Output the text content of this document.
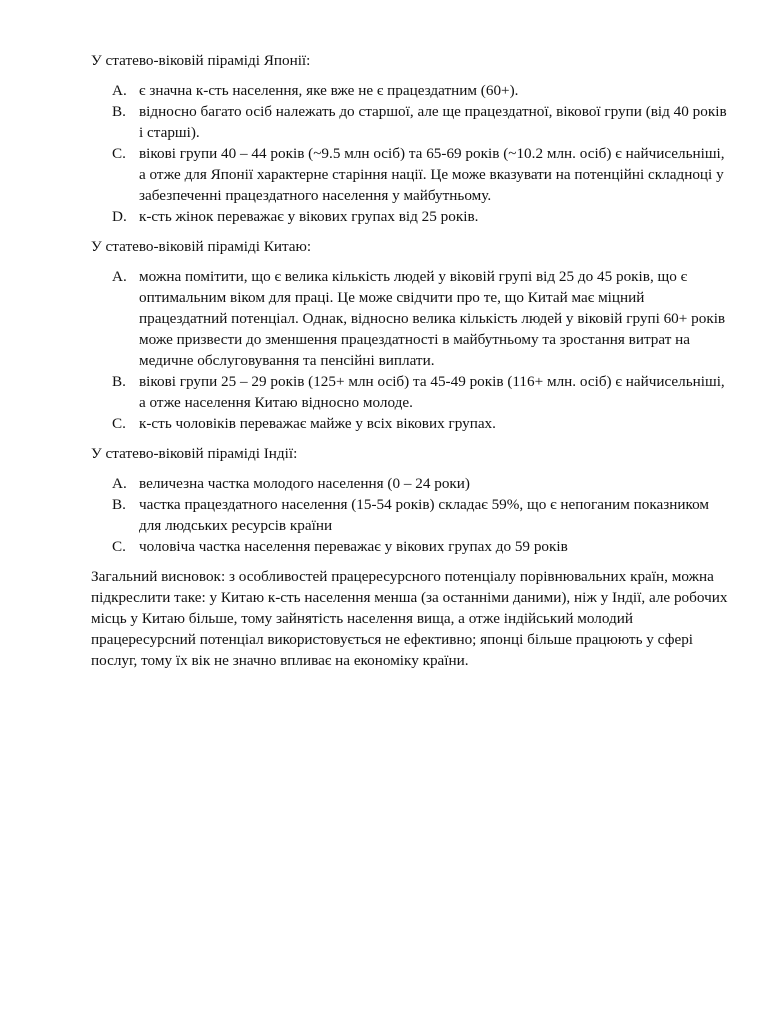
У статево-віковій піраміді Японії:

A. є значна к-сть населення, яке вже не є працездатним (60+).
B. відносно багато осіб належать до старшої, але ще працездатної, вікової групи (від 40 років і старші).
C. вікові групи 40 – 44 років (~9.5 млн осіб) та 65-69 років (~10.2 млн. осіб) є найчисельніші, а отже для Японії характерне старіння нації. Це може вказувати на потенційні складноці у забезпеченні працездатного населення у майбутньому.
D. к-сть жінок переважає у вікових групах від 25 років.

У статево-віковій піраміді Китаю:

A. можна помітити, що є велика кількість людей у віковій групі від 25 до 45 років, що є оптимальним віком для праці. Це може свідчити про те, що Китай має міцний працездатний потенціал. Однак, відносно велика кількість людей у віковій групі 60+ років може призвести до зменшення працездатності в майбутньому та зростання витрат на медичне обслуговування та пенсійні виплати.
B. вікові групи 25 – 29 років (125+ млн осіб) та 45-49 років (116+ млн. осіб) є найчисельніші, а отже населення Китаю відносно молоде.
C. к-сть чоловіків переважає майже у всіх вікових групах.

У статево-віковій піраміді Індії:

A. величезна частка молодого населення (0 – 24 роки)
B. частка працездатного населення (15-54 років) складає 59%, що є непоганим показником для людських ресурсів країни
C. чоловіча частка населення переважає у вікових групах до 59 років

Загальний висновок: з особливостей працересурсного потенціалу порівнювальних країн, можна підкреслити таке: у Китаю к-сть населення менша (за останніми даними), ніж у Індії, але робочих місць у Китаю більше, тому зайнятість населення вища, а отже індійський молодий працересурсний потенціал використовується не ефективно; японці більше працюють у сфері послуг, тому їх вік не значно впливає на економіку країни.
